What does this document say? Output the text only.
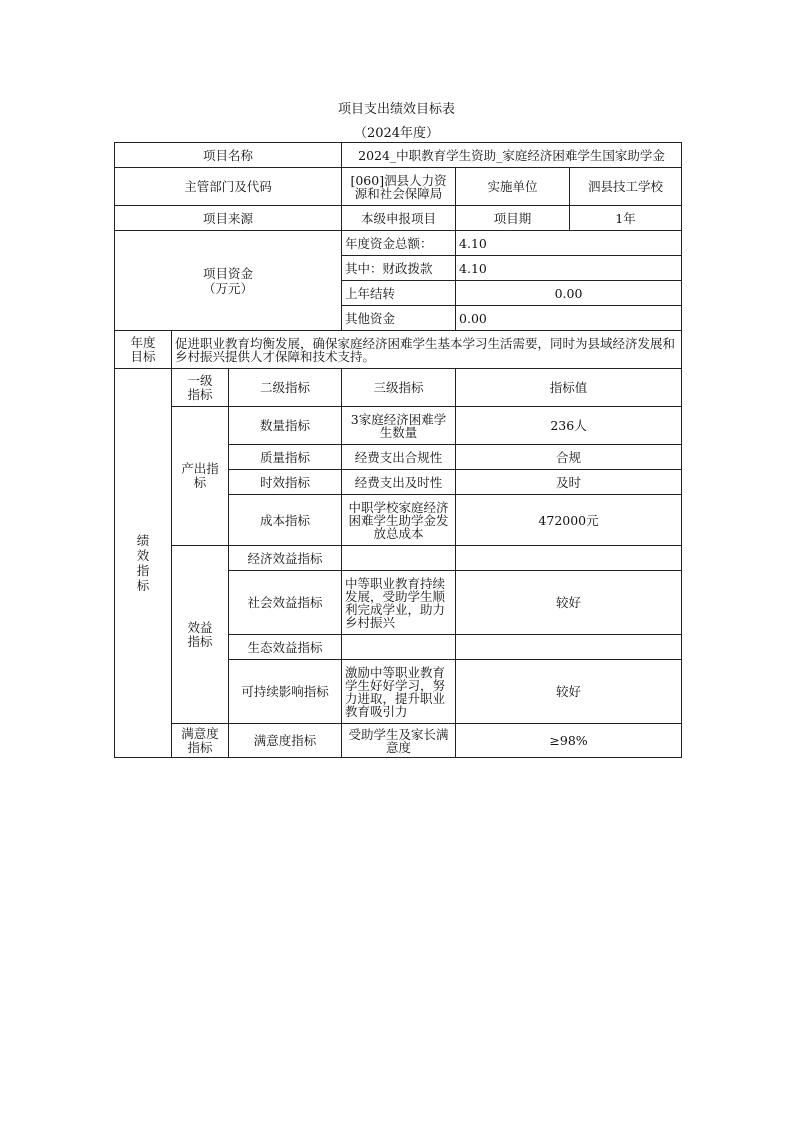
项目支出绩效目标表
（2024年度）
项目名称			2024_中职教育学生资助_家庭经济困难学生国家助学金		
主管部门及代码			[060]泗县人力资源和社会保障局	实施单位	泗县技工学校
项目来源			本级申报项目	项目期	1年
项目资金（万元）			年度资金总额：	4.10	
			其中：财政拨款	4.10	
			上年结转	0.00	
			其他资金	0.00	
年度目标	促进职业教育均衡发展，确保家庭经济困难学生基本学习生活需要，同时为县域经济发展和乡村振兴提供人才保障和技术支持。				
绩效指标	一级指标	二级指标	三级指标	指标值	
	产出指标	数量指标	3家庭经济困难学生数量	236人	
		质量指标	经费支出合规性	合规	
		时效指标	经费支出及时性	及时	
		成本指标	中职学校家庭经济困难学生助学金发放总成本	472000元	
	效益指标	经济效益指标			
		社会效益指标	中等职业教育持续发展，受助学生顺利完成学业，助力乡村振兴	较好	
		生态效益指标			
		可持续影响指标	激励中等职业教育学生好好学习，努力进取，提升职业教育吸引力	较好	
	满意度指标	满意度指标	受助学生及家长满意度	≥98%	
